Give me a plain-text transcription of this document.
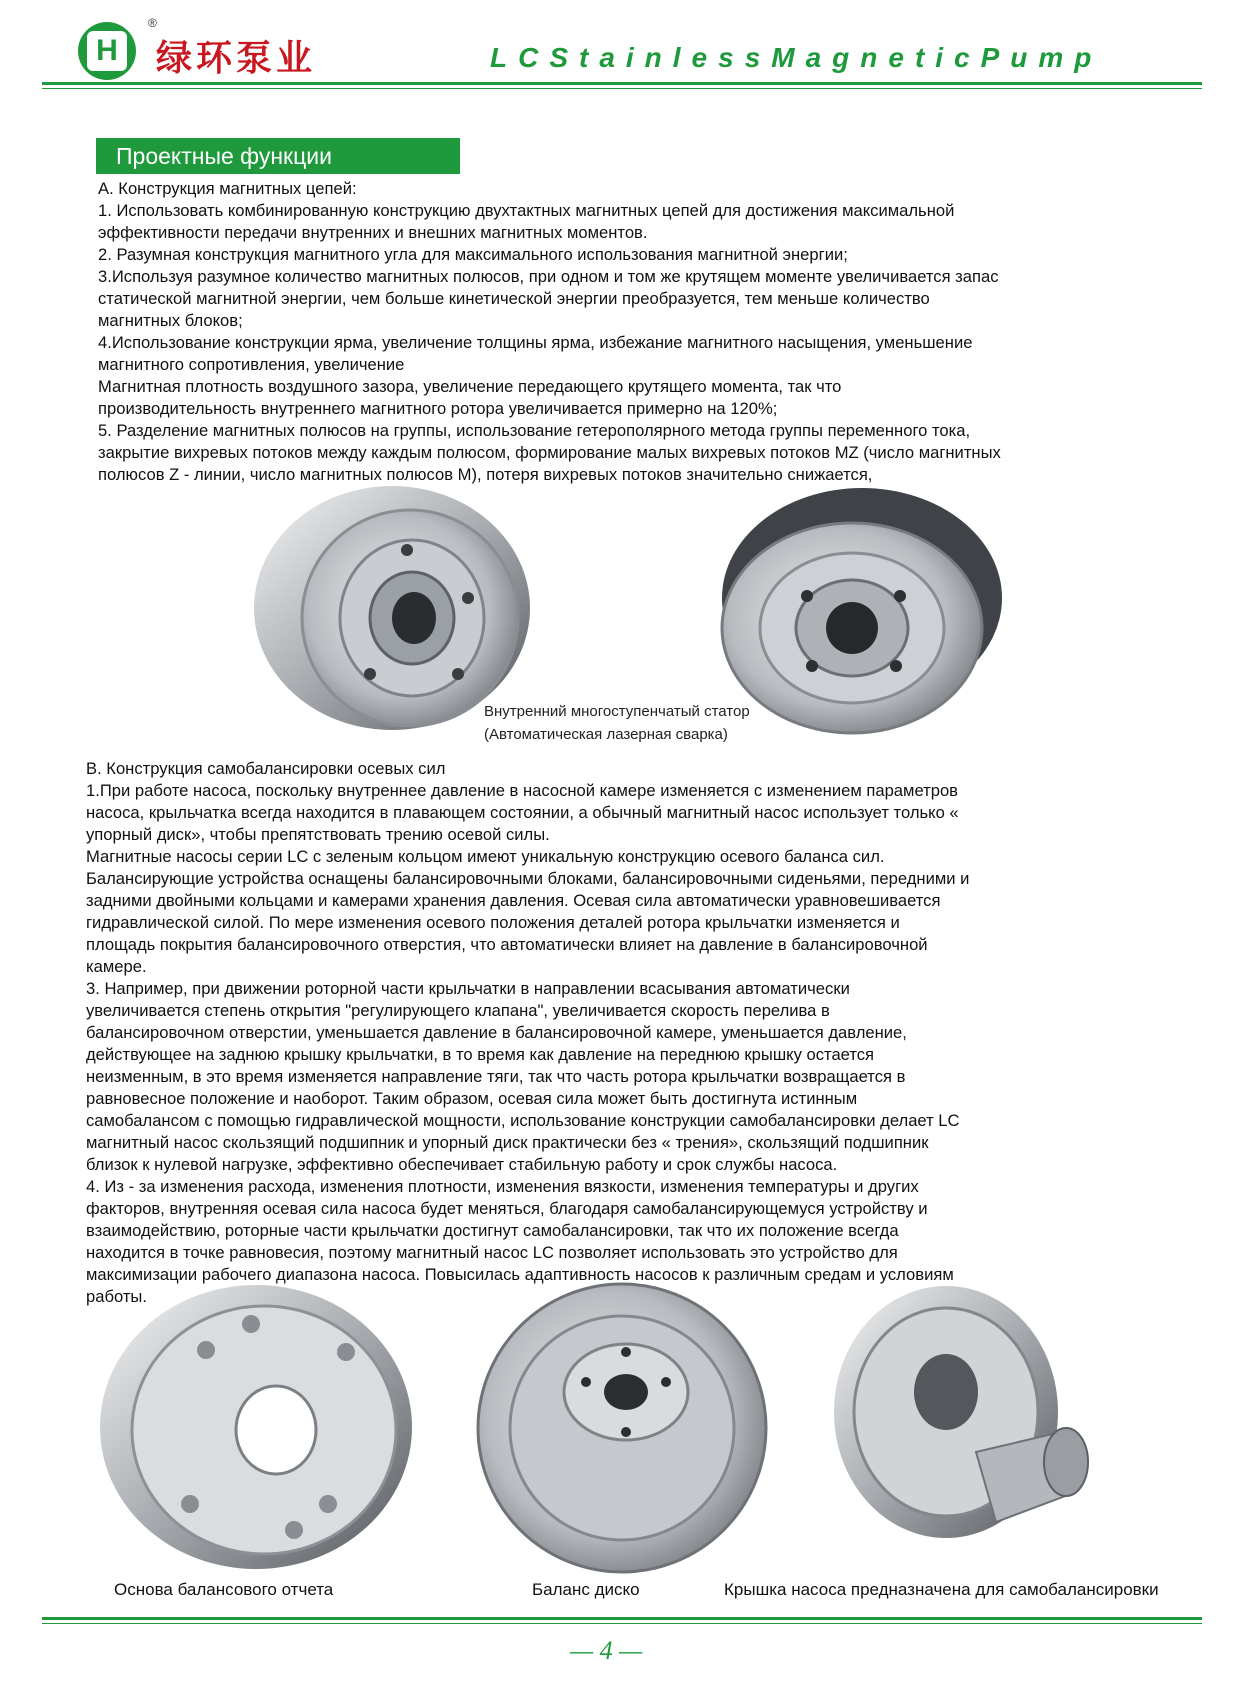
H
®
绿环泵业	LCStainlessMagneticPump
Проектные функции

А. Конструкция магнитных цепей:

1. Использовать комбинированную конструкцию двухтактных магнитных цепей для достижения максимальной

эффективности передачи внутренних и внешних магнитных моментов.

2. Разумная конструкция магнитного угла для максимального использования магнитной энергии;

3.Используя разумное количество магнитных полюсов, при одном и том же крутящем моменте увеличивается запас

статической магнитной энергии, чем больше кинетической энергии преобразуется, тем меньше количество

магнитных блоков;

4.Использование конструкции ярма, увеличение толщины ярма, избежание магнитного насыщения, уменьшение

магнитного сопротивления, увеличение

Магнитная плотность воздушного зазора, увеличение передающего крутящего момента, так что

производительность внутреннего магнитного ротора увеличивается примерно на 120%;

5. Разделение магнитных полюсов на группы, использование гетерополярного метода группы переменного тока,

закрытие вихревых потоков между каждым полюсом, формирование малых вихревых потоков MZ (число магнитных

полюсов Z - линии, число магнитных полюсов M), потеря вихревых потоков значительно снижается,

Внутренний многоступенчатый статор
(Автоматическая лазерная сварка)

В. Конструкция самобалансировки осевых сил

1.При работе насоса, поскольку внутреннее давление в насосной камере изменяется с изменением параметров

насоса, крыльчатка всегда находится в плавающем состоянии, а обычный магнитный насос использует только «

упорный диск», чтобы препятствовать трению осевой силы.

Магнитные насосы серии LC с зеленым кольцом имеют уникальную конструкцию осевого баланса сил.

Балансирующие устройства оснащены балансировочными блоками, балансировочными сиденьями, передними и

задними двойными кольцами и камерами хранения давления. Осевая сила автоматически уравновешивается

гидравлической силой. По мере изменения осевого положения деталей ротора крыльчатки изменяется и

площадь покрытия балансировочного отверстия, что автоматически влияет на давление в балансировочной

камере.

3. Например, при движении роторной части крыльчатки в направлении всасывания автоматически

увеличивается степень открытия "регулирующего клапана", увеличивается скорость перелива в

балансировочном отверстии, уменьшается давление в балансировочной камере, уменьшается давление,

действующее на заднюю крышку крыльчатки, в то время как давление на переднюю крышку остается

неизменным, в это время изменяется направление тяги, так что часть ротора крыльчатки возвращается в

равновесное положение и наоборот. Таким образом, осевая сила может быть достигнута истинным

самобалансом с помощью гидравлической мощности, использование конструкции самобалансировки делает LC

магнитный насос скользящий подшипник и упорный диск практически без « трения», скользящий подшипник

близок к нулевой нагрузке, эффективно обеспечивает стабильную работу и срок службы насоса.

4. Из - за изменения расхода, изменения плотности, изменения вязкости, изменения температуры и других

факторов, внутренняя осевая сила насоса будет меняться, благодаря самобалансирующемуся устройству и

взаимодействию, роторные части крыльчатки достигнут самобалансировки, так что их положение всегда

находится в точке равновесия, поэтому магнитный насос LC позволяет использовать это устройство для

максимизации рабочего диапазона насоса. Повысилась адаптивность насосов к различным средам и условиям

работы.

Основа балансового отчета	Баланс диско	Крышка насоса предназначена для самобалансировки
— 4 —
